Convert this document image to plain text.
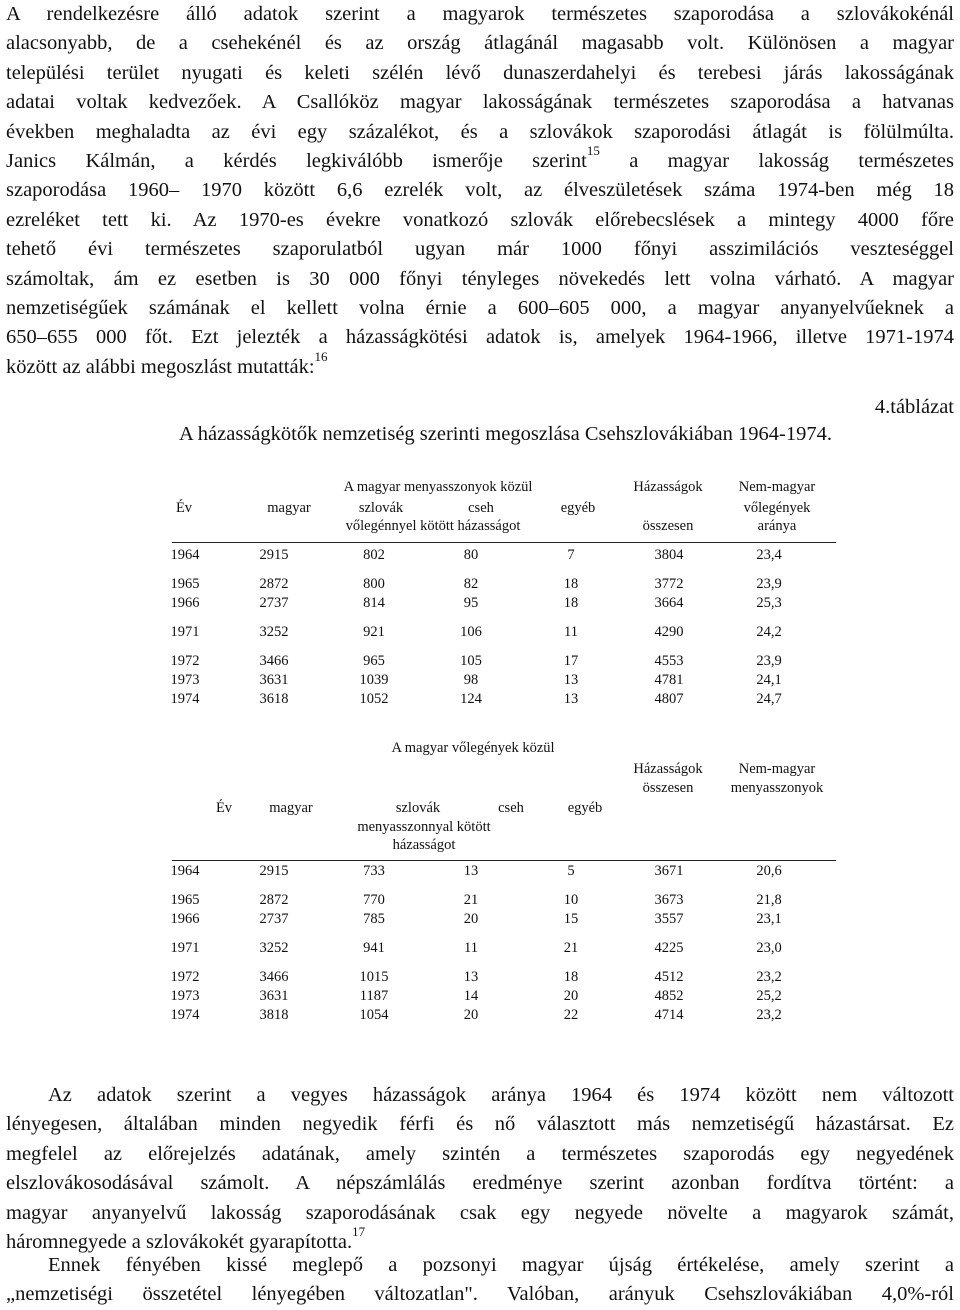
A rendelkezésre álló adatok szerint a magyarok természetes szaporodása a szlovákokénál
alacsonyabb, de a csehekénél és az ország átlagánál magasabb volt. Különösen a magyar
települési terület nyugati és keleti szélén lévő dunaszerdahelyi és terebesi járás lakosságának
adatai voltak kedvezőek. A Csallóköz magyar lakosságának természetes szaporodása a hatvanas
években meghaladta az évi egy százalékot, és a szlovákok szaporodási átlagát is fölülmúlta.
Janics Kálmán, a kérdés legkiválóbb ismerője szerint$^{15}$ a magyar lakosság természetes
szaporodása 1960– 1970 között 6,6 ezrelék volt, az élveszületések száma 1974-ben még 18
ezreléket tett ki. Az 1970-es évekre vonatkozó szlovák előrebecslések a mintegy 4000 főre
tehető évi természetes szaporulatból ugyan már 1000 főnyi asszimilációs veszteséggel
számoltak, ám ez esetben is 30 000 főnyi tényleges növekedés lett volna várható. A magyar
nemzetiségűek számának el kellett volna érnie a 600–605 000, a magyar anyanyelvűeknek a
650–655 000 főt. Ezt jelezték a házasságkötési adatok is, amelyek 1964-1966, illetve 1971-1974
között az alábbi megoszlást mutatták:$^{16}$
4.táblázat
A házasságkötők nemzetiség szerinti megoszlása Csehszlovákiában 1964-1974.
A magyar menyasszonyok közül	Házasságok	Nem-magyar
Év	magyar	szlovák	cseh	egyéb	vőlegények
vőlegénnyel kötött házasságot	összesen	aránya
1964	2915	802	80	7	3804	23,4

1965	2872	800	82	18	3772	23,9
1966	2737	814	95	18	3664	25,3

1971	3252	921	106	11	4290	24,2

1972	3466	965	105	17	4553	23,9
1973	3631	1039	98	13	4781	24,1
1974	3618	1052	124	13	4807	24,7
A magyar vőlegények közül
Házasságok	Nem-magyar
összesen	menyasszonyok
Év	magyar	szlovák	cseh	egyéb
menyasszonnyal kötött
házasságot
1964	2915	733	13	5	3671	20,6

1965	2872	770	21	10	3673	21,8
1966	2737	785	20	15	3557	23,1

1971	3252	941	11	21	4225	23,0

1972	3466	1015	13	18	4512	23,2
1973	3631	1187	14	20	4852	25,2
1974	3818	1054	20	22	4714	23,2
Az adatok szerint a vegyes házasságok aránya 1964 és 1974 között nem változott
lényegesen, általában minden negyedik férfi és nő választott más nemzetiségű házastársat. Ez
megfelel az előrejelzés adatának, amely szintén a természetes szaporodás egy negyedének
elszlovákosodásával számolt. A népszámlálás eredménye szerint azonban fordítva történt: a
magyar anyanyelvű lakosság szaporodásának csak egy negyede növelte a magyarok számát,
háromnegyede a szlovákokét gyarapította.$^{17}$
Ennek fényében kissé meglepő a pozsonyi magyar újság értékelése, amely szerint a
„nemzetiségi összetétel lényegében változatlan". Valóban, arányuk Csehszlovákiában 4,0%-ról
